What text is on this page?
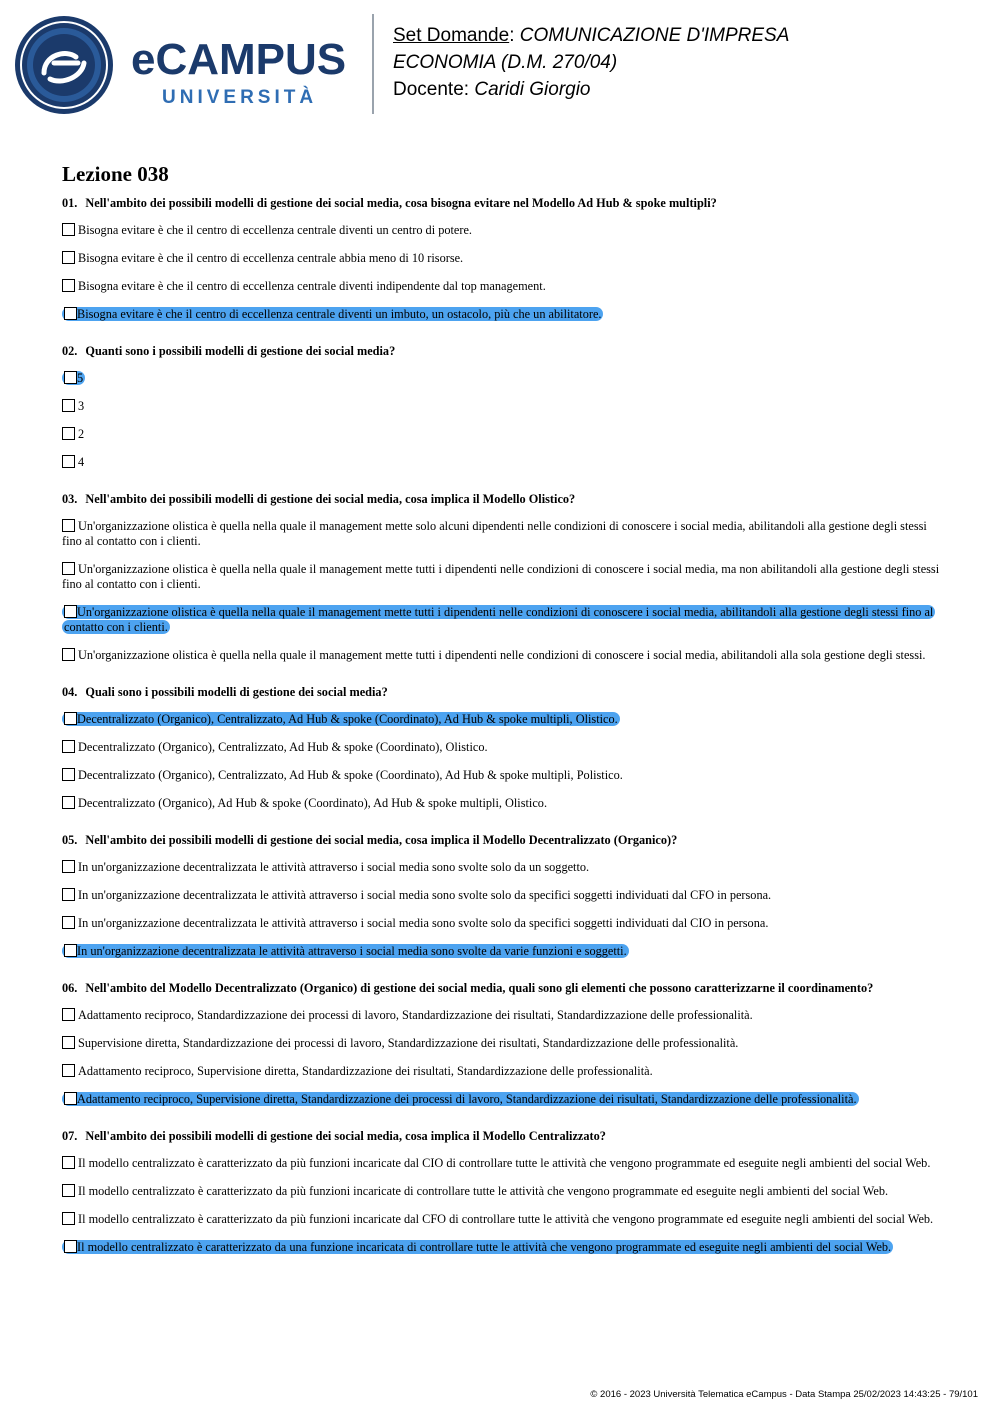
eCAMPUS
UNIVERSITÀ
Set Domande: COMUNICAZIONE D'IMPRESA
ECONOMIA (D.M. 270/04)
Docente: Caridi Giorgio
Lezione 038
01. Nell'ambito dei possibili modelli di gestione dei social media, cosa bisogna evitare nel Modello Ad Hub & spoke multipli?
Bisogna evitare è che il centro di eccellenza centrale diventi un centro di potere.
Bisogna evitare è che il centro di eccellenza centrale abbia meno di 10 risorse.
Bisogna evitare è che il centro di eccellenza centrale diventi indipendente dal top management.
Bisogna evitare è che il centro di eccellenza centrale diventi un imbuto, un ostacolo, più che un abilitatore.
02. Quanti sono i possibili modelli di gestione dei social media?
5
3
2
4
03. Nell'ambito dei possibili modelli di gestione dei social media, cosa implica il Modello Olistico?
Un'organizzazione olistica è quella nella quale il management mette solo alcuni dipendenti nelle condizioni di conoscere i social media, abilitandoli alla gestione degli stessi fino al contatto con i clienti.
Un'organizzazione olistica è quella nella quale il management mette tutti i dipendenti nelle condizioni di conoscere i social media, ma non abilitandoli alla gestione degli stessi fino al contatto con i clienti.
Un'organizzazione olistica è quella nella quale il management mette tutti i dipendenti nelle condizioni di conoscere i social media, abilitandoli alla gestione degli stessi fino al contatto con i clienti.
Un'organizzazione olistica è quella nella quale il management mette tutti i dipendenti nelle condizioni di conoscere i social media, abilitandoli alla sola gestione degli stessi.
04. Quali sono i possibili modelli di gestione dei social media?
Decentralizzato (Organico), Centralizzato, Ad Hub & spoke (Coordinato), Ad Hub & spoke multipli, Olistico.
Decentralizzato (Organico), Centralizzato, Ad Hub & spoke (Coordinato), Olistico.
Decentralizzato (Organico), Centralizzato, Ad Hub & spoke (Coordinato), Ad Hub & spoke multipli, Polistico.
Decentralizzato (Organico), Ad Hub & spoke (Coordinato), Ad Hub & spoke multipli, Olistico.
05. Nell'ambito dei possibili modelli di gestione dei social media, cosa implica il Modello Decentralizzato (Organico)?
In un'organizzazione decentralizzata le attività attraverso i social media sono svolte solo da un soggetto.
In un'organizzazione decentralizzata le attività attraverso i social media sono svolte solo da specifici soggetti individuati dal CFO in persona.
In un'organizzazione decentralizzata le attività attraverso i social media sono svolte solo da specifici soggetti individuati dal CIO in persona.
In un'organizzazione decentralizzata le attività attraverso i social media sono svolte da varie funzioni e soggetti.
06. Nell'ambito del Modello Decentralizzato (Organico) di gestione dei social media, quali sono gli elementi che possono caratterizzarne il coordinamento?
Adattamento reciproco, Standardizzazione dei processi di lavoro, Standardizzazione dei risultati, Standardizzazione delle professionalità.
Supervisione diretta, Standardizzazione dei processi di lavoro, Standardizzazione dei risultati, Standardizzazione delle professionalità.
Adattamento reciproco, Supervisione diretta, Standardizzazione dei risultati, Standardizzazione delle professionalità.
Adattamento reciproco, Supervisione diretta, Standardizzazione dei processi di lavoro, Standardizzazione dei risultati, Standardizzazione delle professionalità.
07. Nell'ambito dei possibili modelli di gestione dei social media, cosa implica il Modello Centralizzato?
Il modello centralizzato è caratterizzato da più funzioni incaricate dal CIO di controllare tutte le attività che vengono programmate ed eseguite negli ambienti del social Web.
Il modello centralizzato è caratterizzato da più funzioni incaricate di controllare tutte le attività che vengono programmate ed eseguite negli ambienti del social Web.
Il modello centralizzato è caratterizzato da più funzioni incaricate dal CFO di controllare tutte le attività che vengono programmate ed eseguite negli ambienti del social Web.
Il modello centralizzato è caratterizzato da una funzione incaricata di controllare tutte le attività che vengono programmate ed eseguite negli ambienti del social Web.
© 2016 - 2023 Università Telematica eCampus - Data Stampa 25/02/2023 14:43:25 - 79/101
